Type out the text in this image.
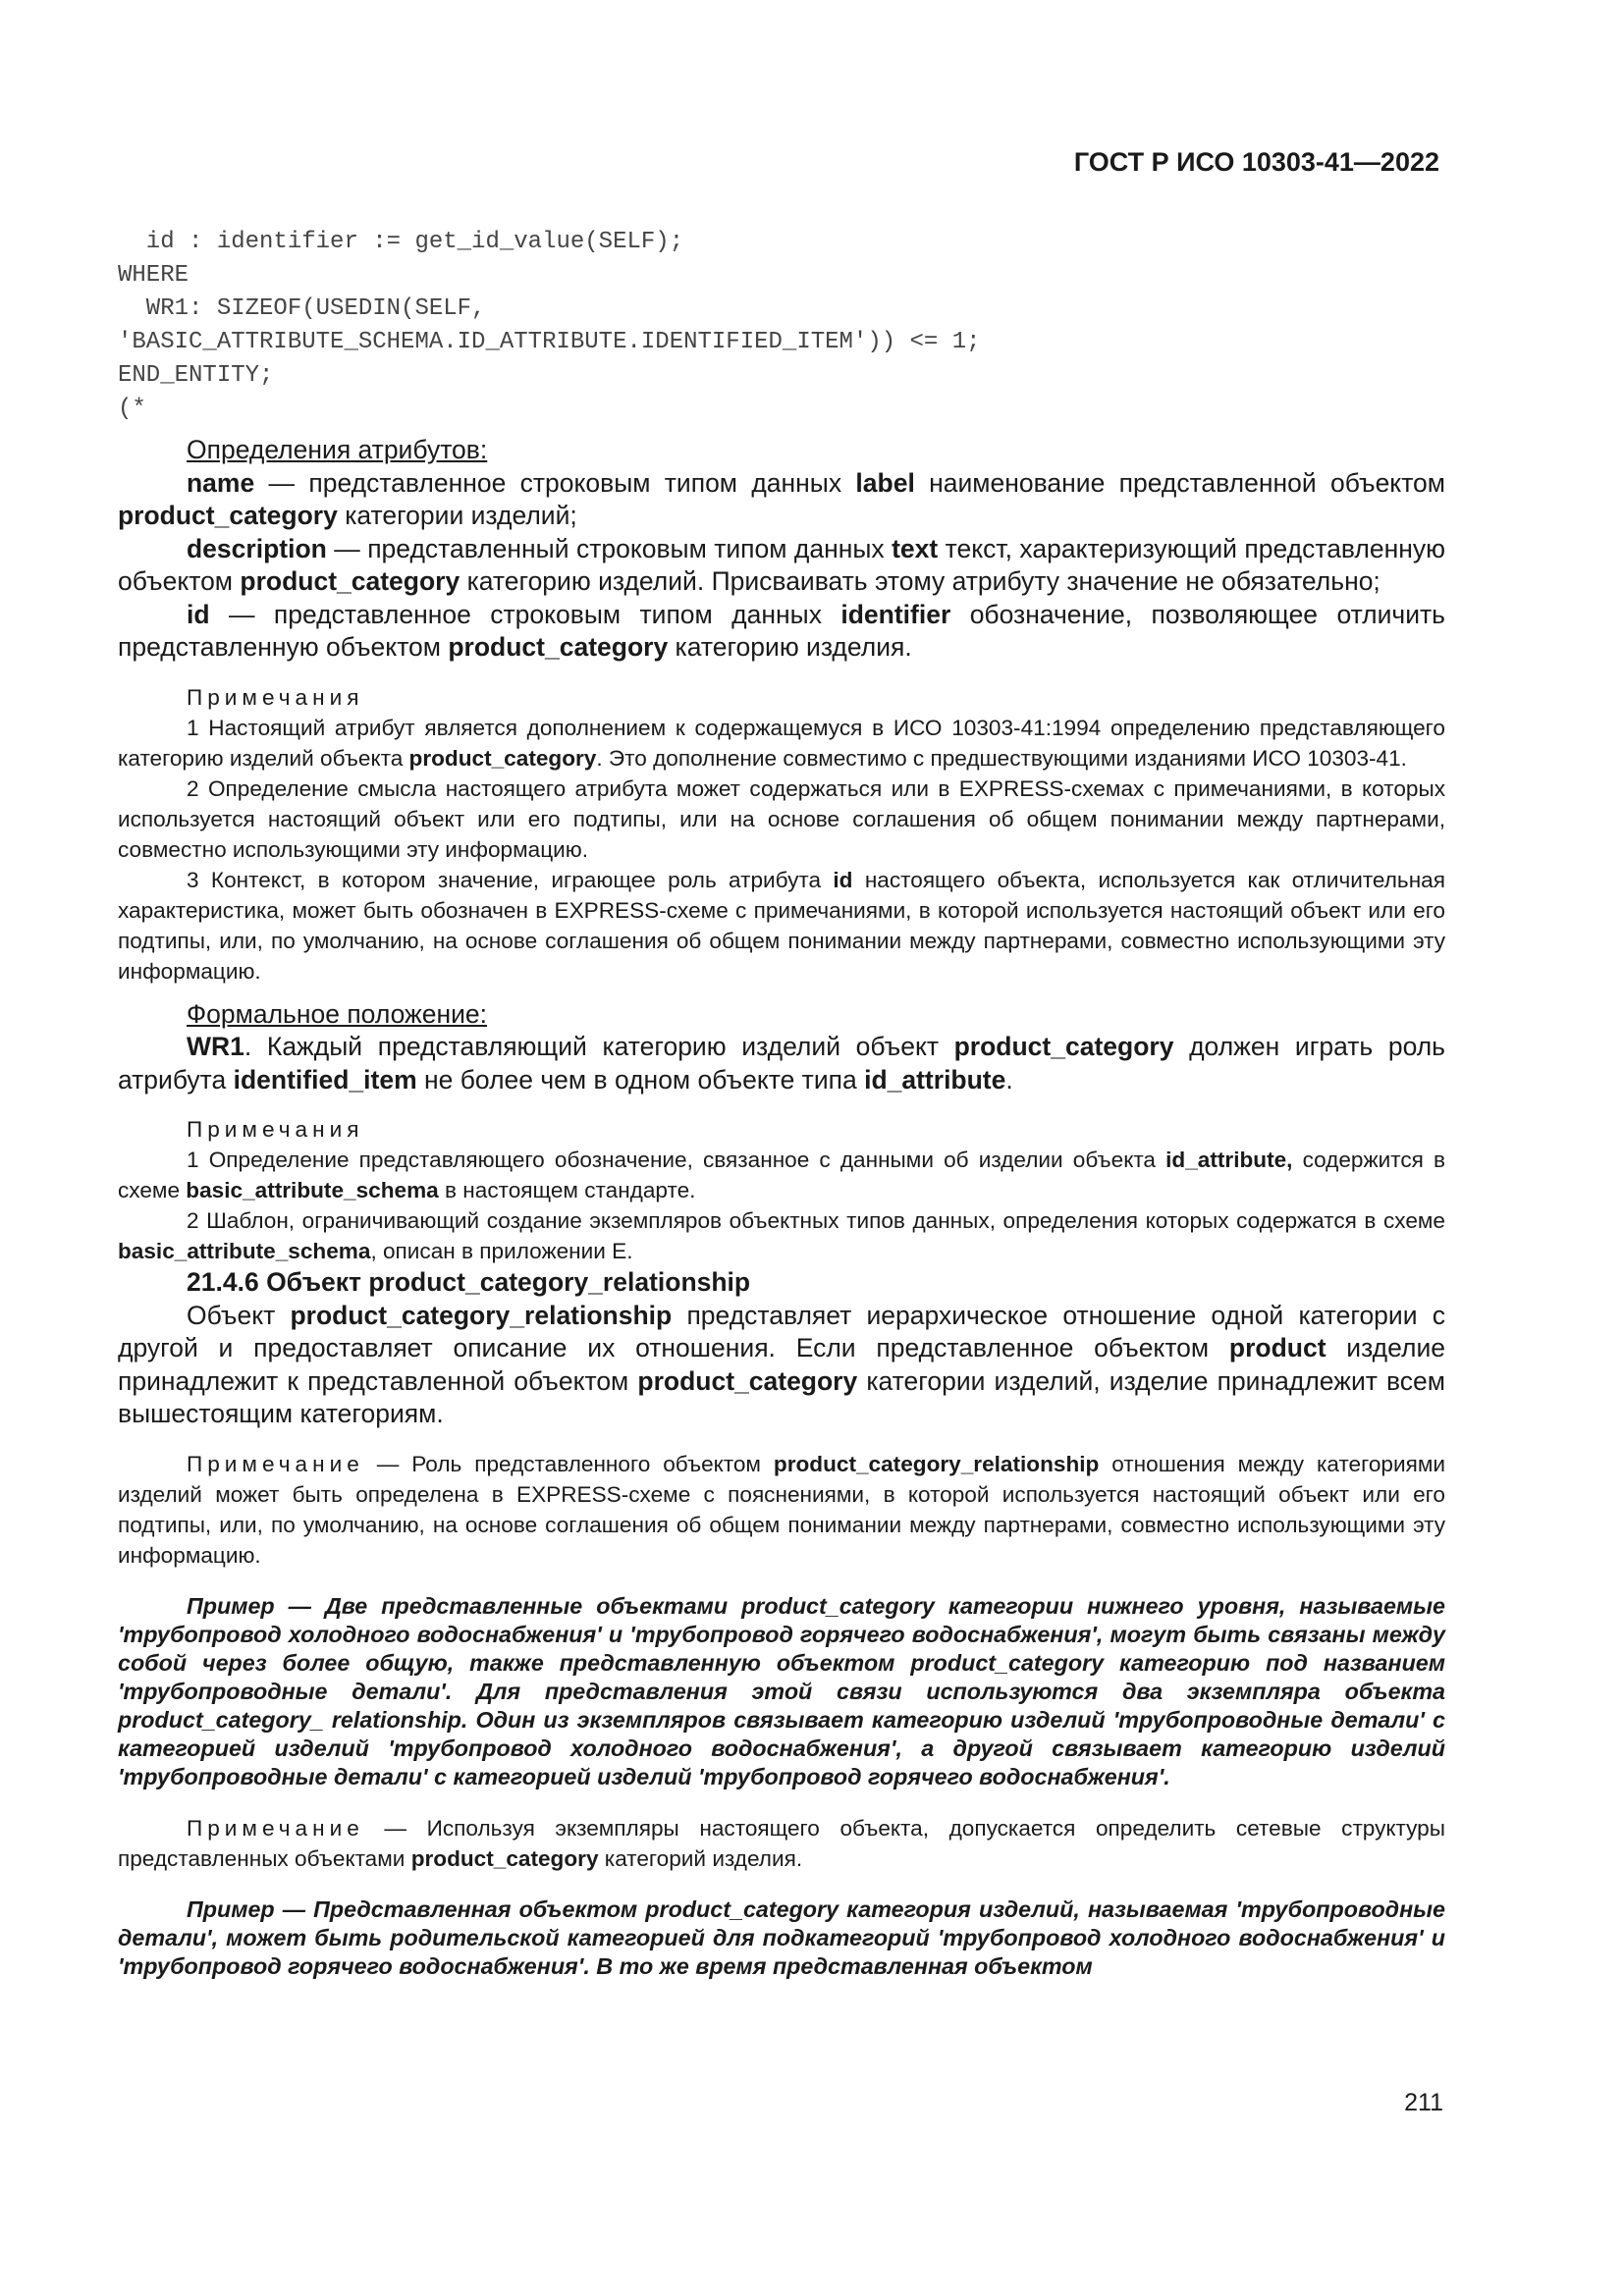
ГОСТ Р ИСО 10303-41—2022
id : identifier := get_id_value(SELF);
WHERE
WR1: SIZEOF(USEDIN(SELF,
'BASIC_ATTRIBUTE_SCHEMA.ID_ATTRIBUTE.IDENTIFIED_ITEM')) <= 1;
END_ENTITY;
(*

Определения атрибутов:

name — представленное строковым типом данных label наименование представленной объектом product_category категории изделий;

description — представленный строковым типом данных text текст, характеризующий представленную объектом product_category категорию изделий. Присваивать этому атрибуту значение не обязательно;

id — представленное строковым типом данных identifier обозначение, позволяющее отличить представленную объектом product_category категорию изделия.

Примечания

1 Настоящий атрибут является дополнением к содержащемуся в ИСО 10303-41:1994 определению представляющего категорию изделий объекта product_category. Это дополнение совместимо с предшествующими изданиями ИСО 10303-41.

2 Определение смысла настоящего атрибута может содержаться или в EXPRESS-схемах с примечаниями, в которых используется настоящий объект или его подтипы, или на основе соглашения об общем понимании между партнерами, совместно использующими эту информацию.

3 Контекст, в котором значение, играющее роль атрибута id настоящего объекта, используется как отличительная характеристика, может быть обозначен в EXPRESS-схеме с примечаниями, в которой используется настоящий объект или его подтипы, или, по умолчанию, на основе соглашения об общем понимании между партнерами, совместно использующими эту информацию.

Формальное положение:

WR1. Каждый представляющий категорию изделий объект product_category должен играть роль атрибута identified_item не более чем в одном объекте типа id_attribute.

Примечания

1 Определение представляющего обозначение, связанное с данными об изделии объекта id_attribute, содержится в схеме basic_attribute_schema в настоящем стандарте.

2 Шаблон, ограничивающий создание экземпляров объектных типов данных, определения которых содержатся в схеме basic_attribute_schema, описан в приложении Е.

21.4.6 Объект product_category_relationship

Объект product_category_relationship представляет иерархическое отношение одной категории с другой и предоставляет описание их отношения. Если представленное объектом product изделие принадлежит к представленной объектом product_category категории изделий, изделие принадлежит всем вышестоящим категориям.

Примечание — Роль представленного объектом product_category_relationship отношения между категориями изделий может быть определена в EXPRESS-схеме с пояснениями, в которой используется настоящий объект или его подтипы, или, по умолчанию, на основе соглашения об общем понимании между партнерами, совместно использующими эту информацию.

Пример — Две представленные объектами product_category категории нижнего уровня, называемые 'трубопровод холодного водоснабжения' и 'трубопровод горячего водоснабжения', могут быть связаны между собой через более общую, также представленную объектом product_category категорию под названием 'трубопроводные детали'. Для представления этой связи используются два экземпляра объекта product_category_ relationship. Один из экземпляров связывает категорию изделий 'трубопроводные детали' с категорией изделий 'трубопровод холодного водоснабжения', а другой связывает категорию изделий 'трубопроводные детали' с категорией изделий 'трубопровод горячего водоснабжения'.

Примечание — Используя экземпляры настоящего объекта, допускается определить сетевые структуры представленных объектами product_category категорий изделия.

Пример — Представленная объектом product_category категория изделий, называемая 'трубопроводные детали', может быть родительской категорией для подкатегорий 'трубопровод холодного водоснабжения' и 'трубопровод горячего водоснабжения'. В то же время представленная объектом

211
